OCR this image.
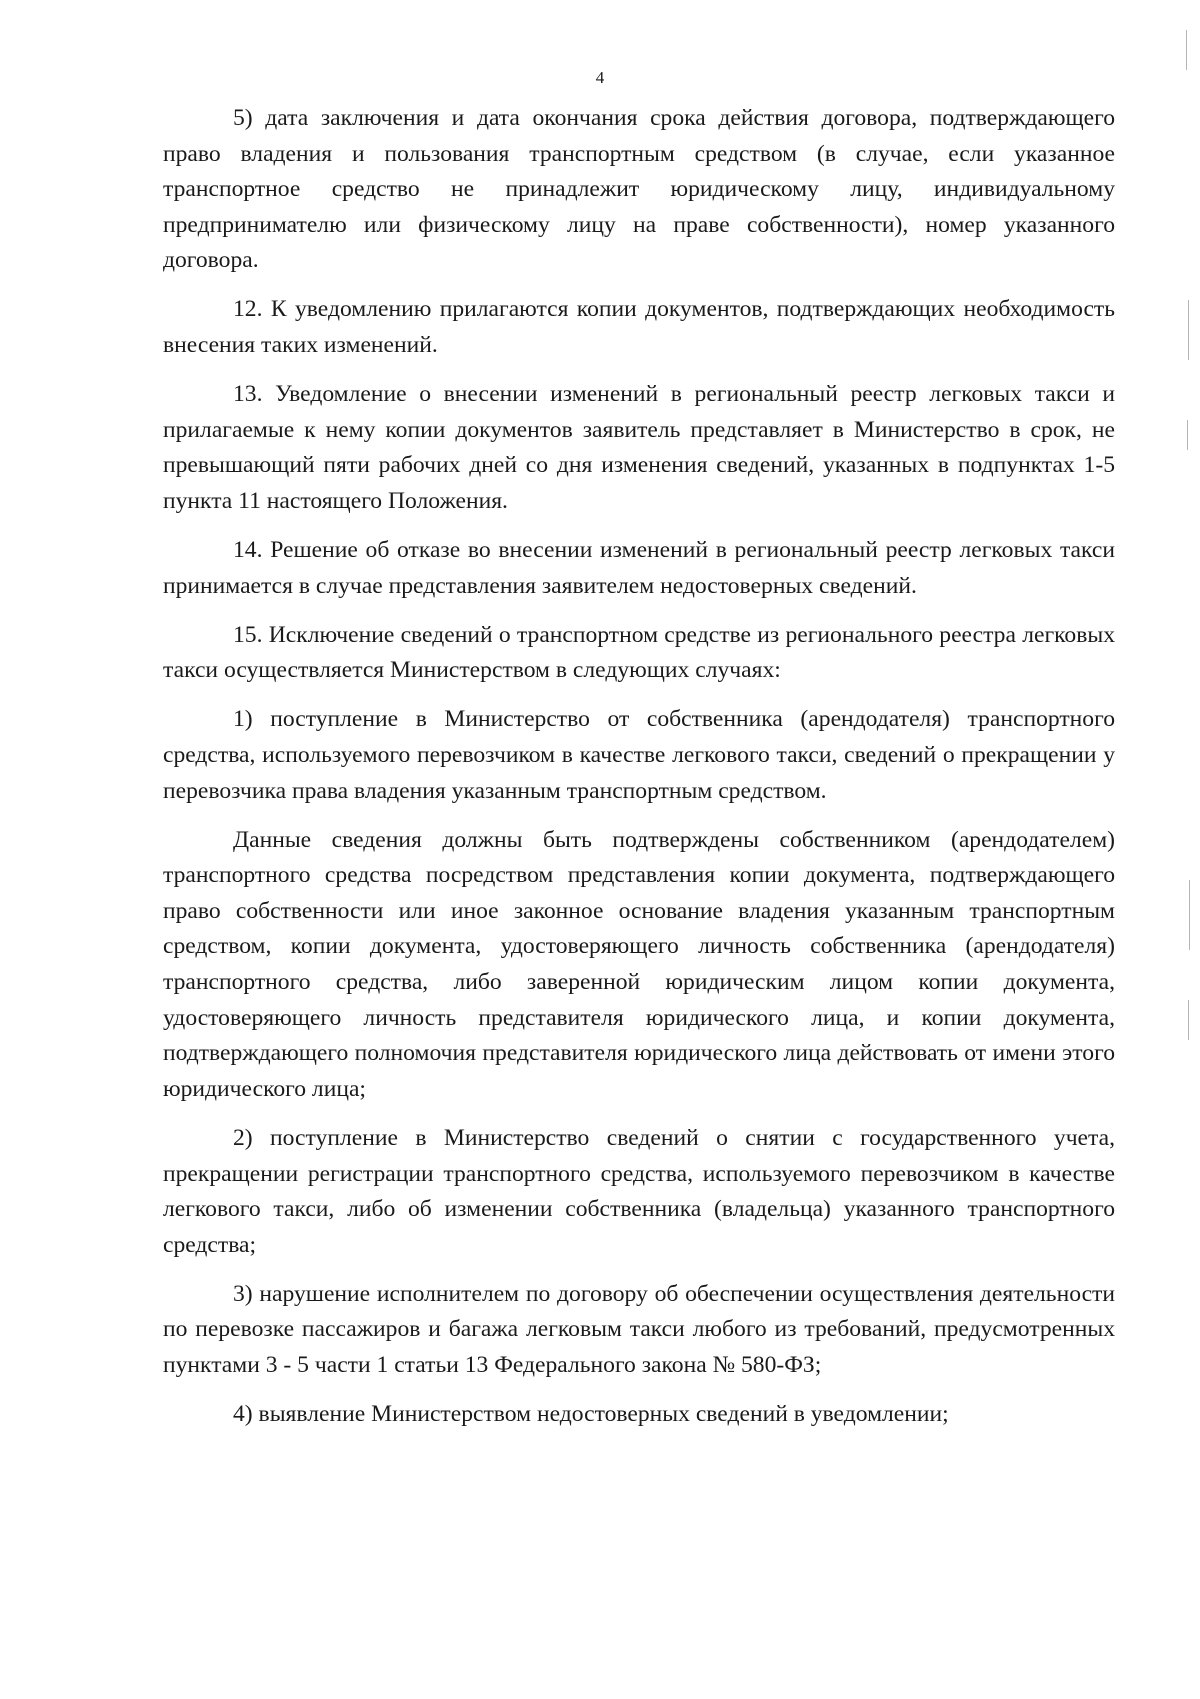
4

5) дата заключения и дата окончания срока действия договора, подтверждающего право владения и пользования транспортным средством (в случае, если указанное транспортное средство не принадлежит юридическому лицу, индивидуальному предпринимателю или физическому лицу на праве собственности), номер указанного договора.

12. К уведомлению прилагаются копии документов, подтверждающих необходимость внесения таких изменений.

13. Уведомление о внесении изменений в региональный реестр легковых такси и прилагаемые к нему копии документов заявитель представляет в Министерство в срок, не превышающий пяти рабочих дней со дня изменения сведений, указанных в подпунктах 1-5 пункта 11 настоящего Положения.

14. Решение об отказе во внесении изменений в региональный реестр легковых такси принимается в случае представления заявителем недостоверных сведений.

15. Исключение сведений о транспортном средстве из регионального реестра легковых такси осуществляется Министерством в следующих случаях:

1) поступление в Министерство от собственника (арендодателя) транспортного средства, используемого перевозчиком в качестве легкового такси, сведений о прекращении у перевозчика права владения указанным транспортным средством.

Данные сведения должны быть подтверждены собственником (арендодателем) транспортного средства посредством представления копии документа, подтверждающего право собственности или иное законное основание владения указанным транспортным средством, копии документа, удостоверяющего личность собственника (арендодателя) транспортного средства, либо заверенной юридическим лицом копии документа, удостоверяющего личность представителя юридического лица, и копии документа, подтверждающего полномочия представителя юридического лица действовать от имени этого юридического лица;

2) поступление в Министерство сведений о снятии с государственного учета, прекращении регистрации транспортного средства, используемого перевозчиком в качестве легкового такси, либо об изменении собственника (владельца) указанного транспортного средства;

3) нарушение исполнителем по договору об обеспечении осуществления деятельности по перевозке пассажиров и багажа легковым такси любого из требований, предусмотренных пунктами 3 - 5 части 1 статьи 13 Федерального закона № 580-ФЗ;

4) выявление Министерством недостоверных сведений в уведомлении;
